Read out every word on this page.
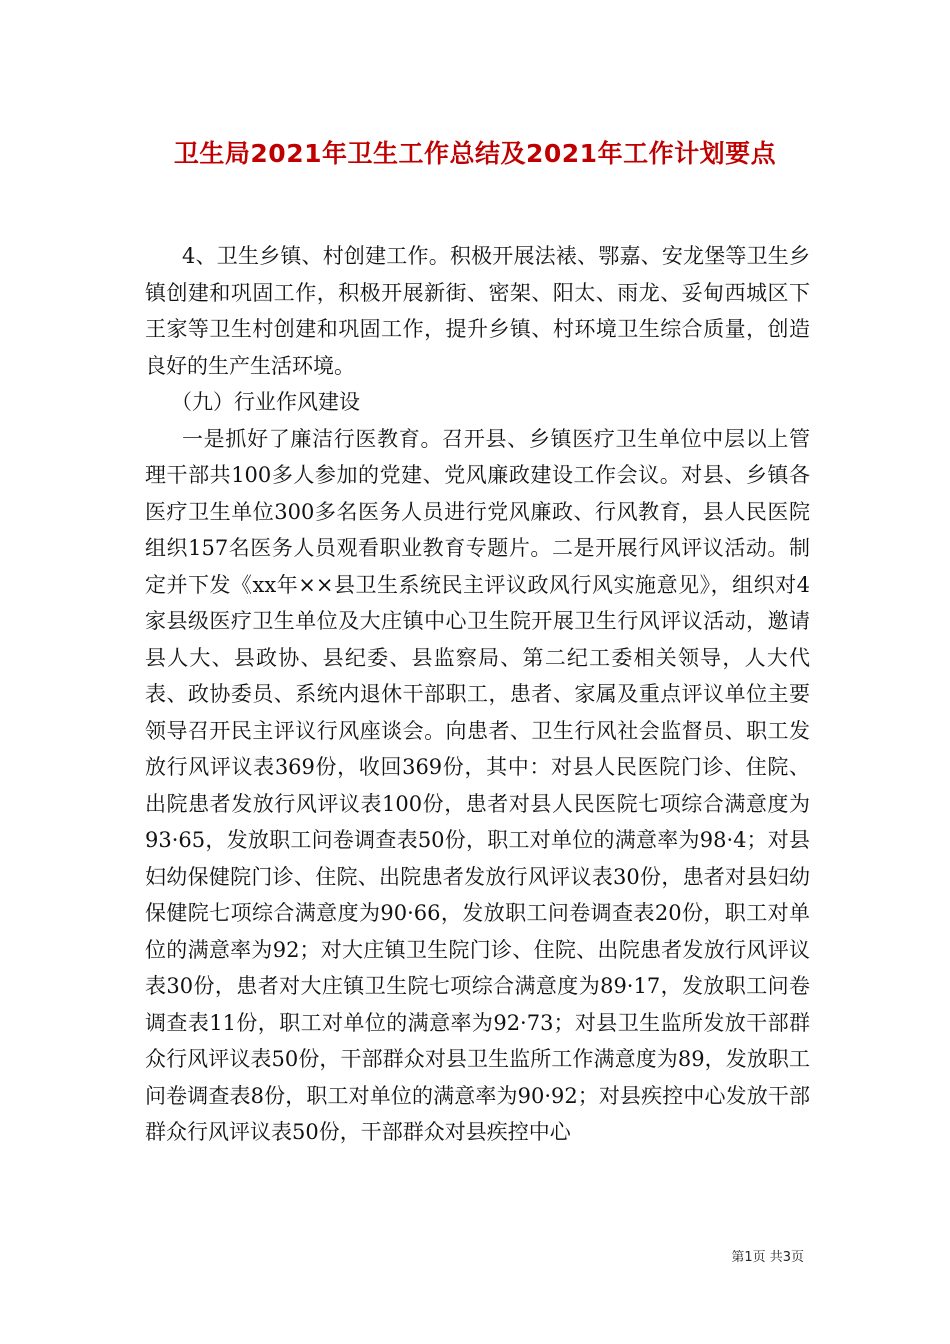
卫生局2021年卫生工作总结及2021年工作计划要点

4、卫生乡镇、村创建工作。积极开展法裱、鄂嘉、安龙堡等卫生乡镇创建和巩固工作，积极开展新街、密架、阳太、雨龙、妥甸西城区下王家等卫生村创建和巩固工作，提升乡镇、村环境卫生综合质量，创造良好的生产生活环境。

（九）行业作风建设

一是抓好了廉洁行医教育。召开县、乡镇医疗卫生单位中层以上管理干部共100多人参加的党建、党风廉政建设工作会议。对县、乡镇各医疗卫生单位300多名医务人员进行党风廉政、行风教育，县人民医院组织157名医务人员观看职业教育专题片。二是开展行风评议活动。制定并下发《xx年××县卫生系统民主评议政风行风实施意见》，组织对4家县级医疗卫生单位及大庄镇中心卫生院开展卫生行风评议活动，邀请县人大、县政协、县纪委、县监察局、第二纪工委相关领导，人大代表、政协委员、系统内退休干部职工，患者、家属及重点评议单位主要领导召开民主评议行风座谈会。向患者、卫生行风社会监督员、职工发放行风评议表369份，收回369份，其中：对县人民医院门诊、住院、出院患者发放行风评议表100份，患者对县人民医院七项综合满意度为93·65，发放职工问卷调查表50份，职工对单位的满意率为98·4；对县妇幼保健院门诊、住院、出院患者发放行风评议表30份，患者对县妇幼保健院七项综合满意度为90·66，发放职工问卷调查表20份，职工对单位的满意率为92；对大庄镇卫生院门诊、住院、出院患者发放行风评议表30份，患者对大庄镇卫生院七项综合满意度为89·17，发放职工问卷调查表11份，职工对单位的满意率为92·73；对县卫生监所发放干部群众行风评议表50份，干部群众对县卫生监所工作满意度为89，发放职工问卷调查表8份，职工对单位的满意率为90·92；对县疾控中心发放干部群众行风评议表50份，干部群众对县疾控中心

第1页 共3页
